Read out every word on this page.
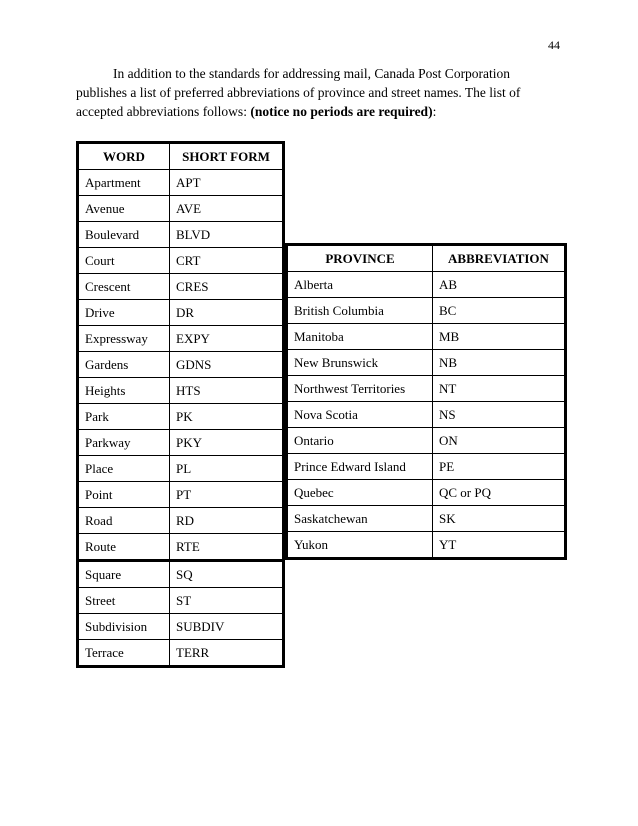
44
In addition to the standards for addressing mail, Canada Post Corporation
publishes a list of preferred abbreviations of province and street names. The list of
accepted abbreviations follows: (notice no periods are required):
WORD	SHORT FORM
Apartment	APT
Avenue	AVE
Boulevard	BLVD
Court	CRT
Crescent	CRES
Drive	DR
Expressway	EXPY
Gardens	GDNS
Heights	HTS
Park	PK
Parkway	PKY
Place	PL
Point	PT
Road	RD
Route	RTE
Square	SQ
Street	ST
Subdivision	SUBDIV
Terrace	TERR
PROVINCE	ABBREVIATION
Alberta	AB
British Columbia	BC
Manitoba	MB
New Brunswick	NB
Northwest Territories	NT
Nova Scotia	NS
Ontario	ON
Prince Edward Island	PE
Quebec	QC or PQ
Saskatchewan	SK
Yukon	YT
